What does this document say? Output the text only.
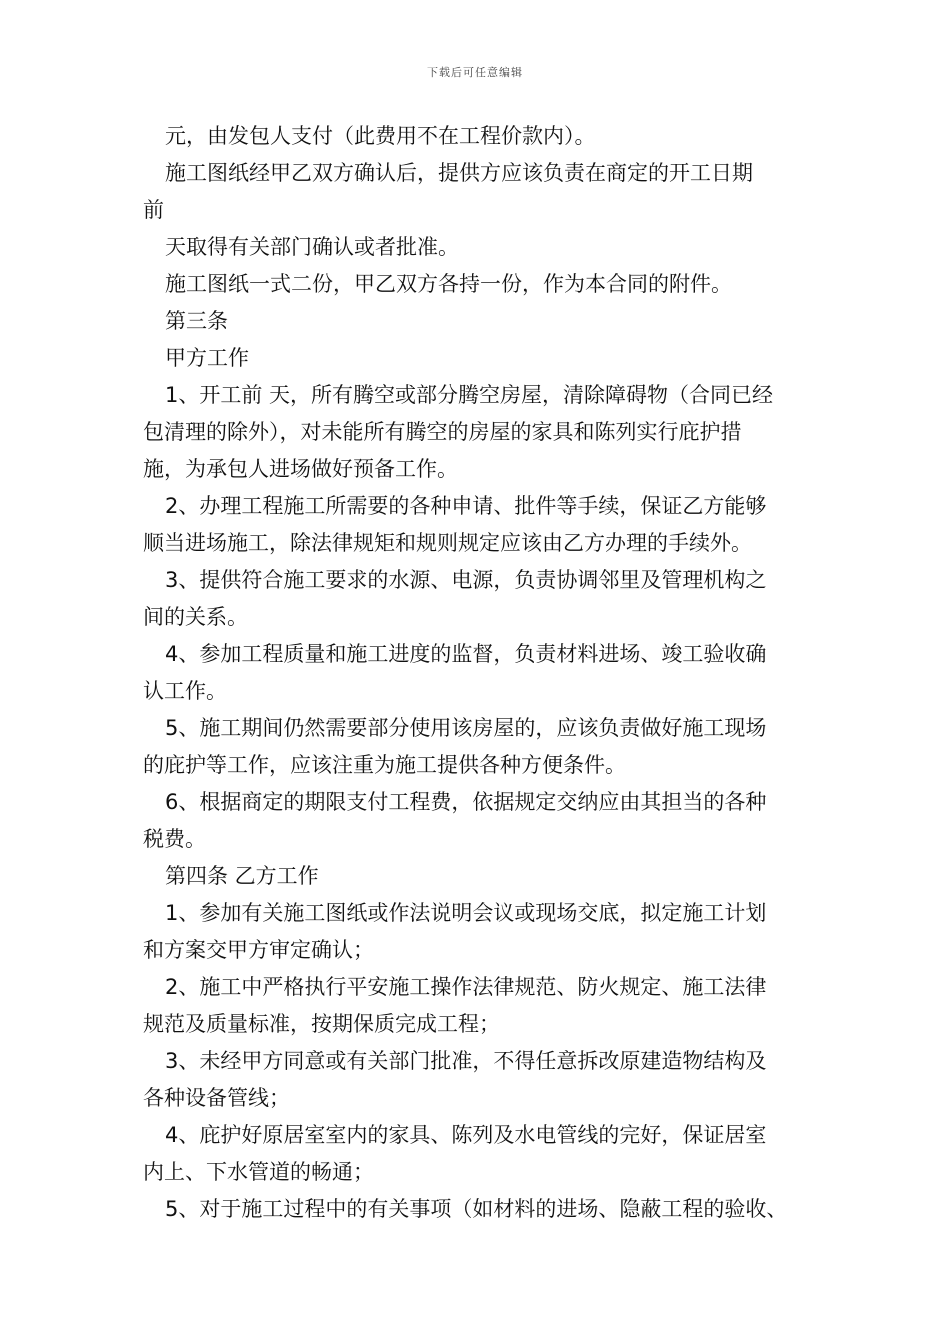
下载后可任意编辑
元，由发包人支付（此费用不在工程价款内）。
施工图纸经甲乙双方确认后，提供方应该负责在商定的开工日期
前
天取得有关部门确认或者批准。
施工图纸一式二份，甲乙双方各持一份，作为本合同的附件。
第三条
甲方工作
1、开工前 天，所有腾空或部分腾空房屋，清除障碍物（合同已经
包清理的除外），对未能所有腾空的房屋的家具和陈列实行庇护措
施，为承包人进场做好预备工作。
2、办理工程施工所需要的各种申请、批件等手续，保证乙方能够
顺当进场施工，除法律规矩和规则规定应该由乙方办理的手续外。
3、提供符合施工要求的水源、电源，负责协调邻里及管理机构之
间的关系。
4、参加工程质量和施工进度的监督，负责材料进场、竣工验收确
认工作。
5、施工期间仍然需要部分使用该房屋的，应该负责做好施工现场
的庇护等工作，应该注重为施工提供各种方便条件。
6、根据商定的期限支付工程费，依据规定交纳应由其担当的各种
税费。
第四条 乙方工作
1、参加有关施工图纸或作法说明会议或现场交底，拟定施工计划
和方案交甲方审定确认；
2、施工中严格执行平安施工操作法律规范、防火规定、施工法律
规范及质量标准，按期保质完成工程；
3、未经甲方同意或有关部门批准，不得任意拆改原建造物结构及
各种设备管线；
4、庇护好原居室室内的家具、陈列及水电管线的完好，保证居室
内上、下水管道的畅通；
5、对于施工过程中的有关事项（如材料的进场、隐蔽工程的验收、
